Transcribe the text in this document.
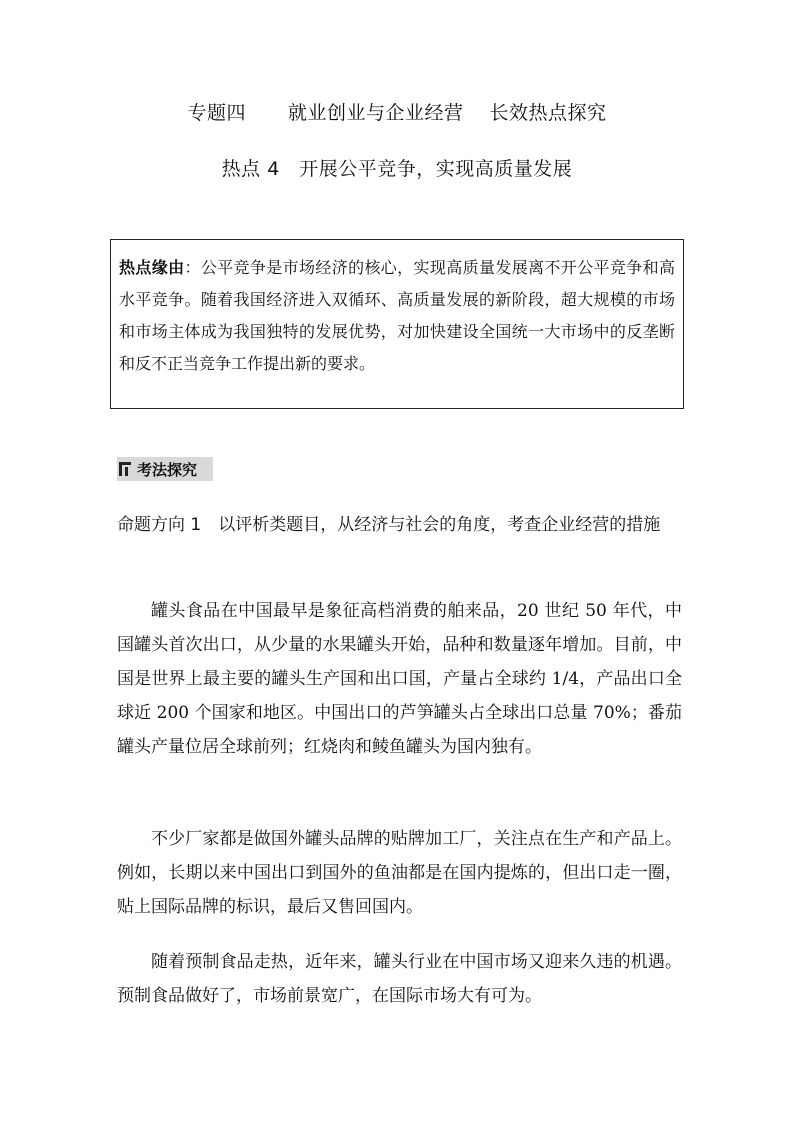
专题四 就业创业与企业经营 长效热点探究
热点 4　开展公平竞争，实现高质量发展
热点缘由：公平竞争是市场经济的核心，实现高质量发展离不开公平竞争和高水平竞争。随着我国经济进入双循环、高质量发展的新阶段，超大规模的市场和市场主体成为我国独特的发展优势，对加快建设全国统一大市场中的反垄断和反不正当竞争工作提出新的要求。
考法探究
命题方向 1　以评析类题目，从经济与社会的角度，考查企业经营的措施
罐头食品在中国最早是象征高档消费的舶来品，20 世纪 50 年代，中国罐头首次出口，从少量的水果罐头开始，品种和数量逐年增加。目前，中国是世界上最主要的罐头生产国和出口国，产量占全球约 1/4，产品出口全球近 200 个国家和地区。中国出口的芦笋罐头占全球出口总量 70%；番茄罐头产量位居全球前列；红烧肉和鲮鱼罐头为国内独有。
不少厂家都是做国外罐头品牌的贴牌加工厂，关注点在生产和产品上。例如，长期以来中国出口到国外的鱼油都是在国内提炼的，但出口走一圈，贴上国际品牌的标识，最后又售回国内。
随着预制食品走热，近年来，罐头行业在中国市场又迎来久违的机遇。预制食品做好了，市场前景宽广，在国际市场大有可为。
